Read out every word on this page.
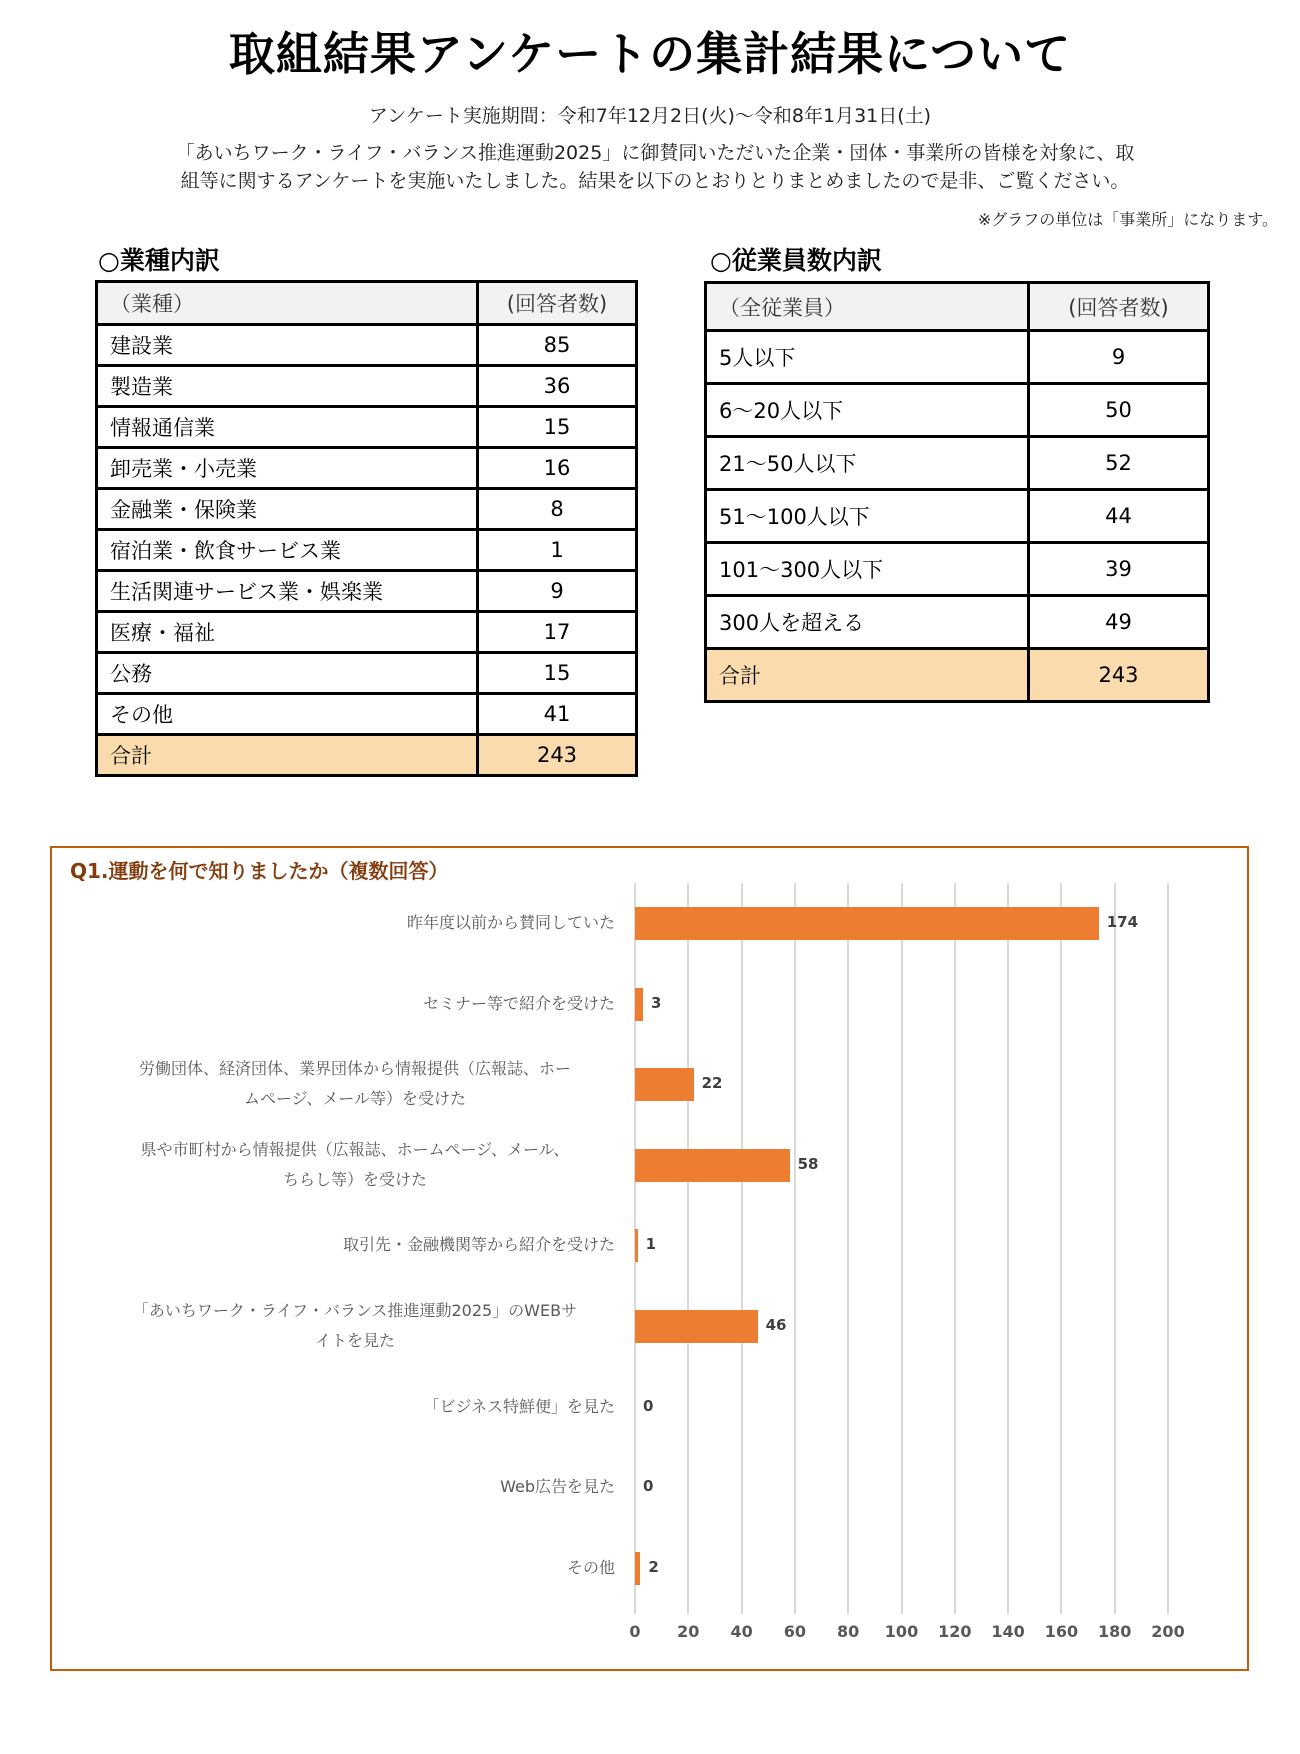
取組結果アンケートの集計結果について
アンケート実施期間：令和7年12月2日(火)～令和8年1月31日(土)
「あいちワーク・ライフ・バランス推進運動2025」に御賛同いただいた企業・団体・事業所の皆様を対象に、取
組等に関するアンケートを実施いたしました。結果を以下のとおりとりまとめましたので是非、ご覧ください。
※グラフの単位は「事業所」になります。
○業種内訳	○従業員数内訳
（業種）	(回答者数)
建設業	85
製造業	36
情報通信業	15
卸売業・小売業	16
金融業・保険業	8
宿泊業・飲食サービス業	1
生活関連サービス業・娯楽業	9
医療・福祉	17
公務	15
その他	41
合計	243
（全従業員）	(回答者数)
5人以下	9
6～20人以下	50
21～50人以下	52
51～100人以下	44
101～300人以下	39
300人を超える	49
合計	243
Q1.運動を何で知りましたか（複数回答）
0	20	40	60	80	100 120 140 160 180 200
174
昨年度以前から賛同していた
3
セミナー等で紹介を受けた
22
労働団体、経済団体、業界団体から情報提供（広報誌、ホー
ムページ、メール等）を受けた
58
県や市町村から情報提供（広報誌、ホームページ、メール、
ちらし等）を受けた
1
取引先・金融機関等から紹介を受けた
46
「あいちワーク・ライフ・バランス推進運動2025」のWEBサ
イトを見た
0
「ビジネス特鮮便」を見た
0
Web広告を見た
2
その他
